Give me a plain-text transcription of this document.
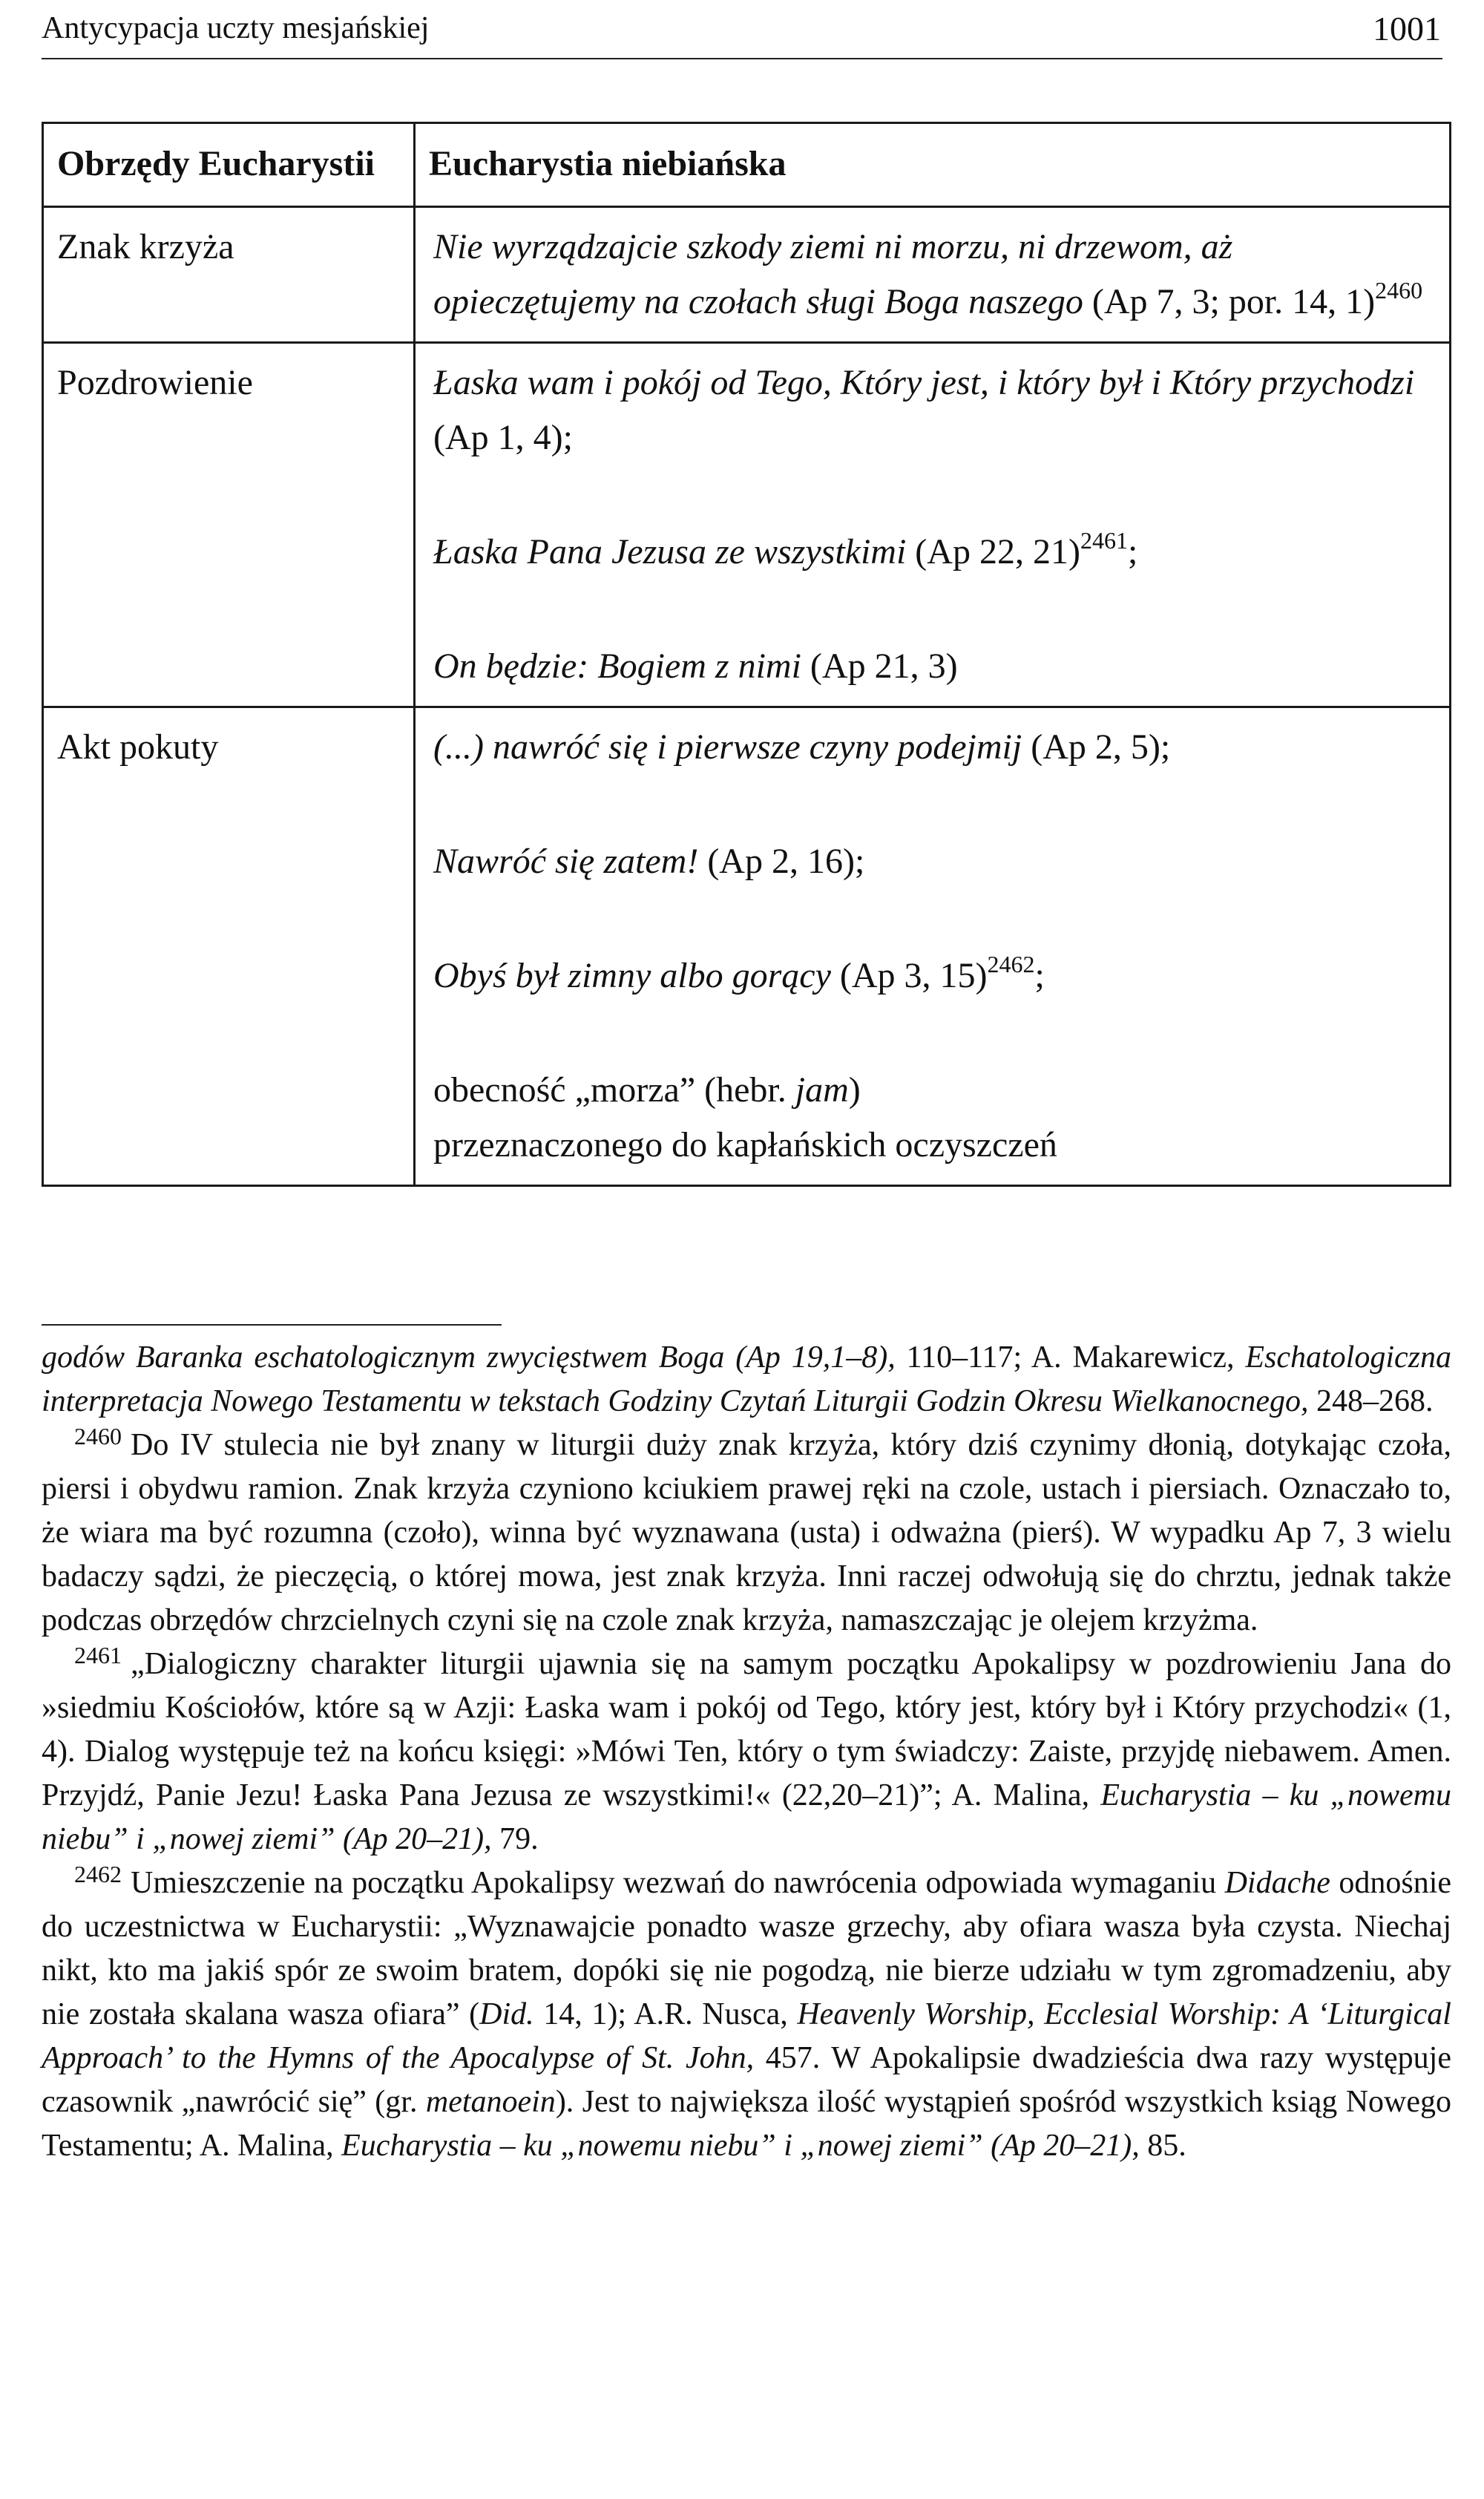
Antycypacja uczty mesjańskiej	1001
Obrzędy Eucharystii	Eucharystia niebiańska
Znak krzyża	Nie wyrządzajcie szkody ziemi ni morzu, ni drzewom, aż opieczętujemy na czołach sługi Boga naszego (Ap 7, 3; por. 14, 1)$^{2460}$

Pozdrowienie	Łaska wam i pokój od Tego, Który jest, i który był i Który przychodzi (Ap 1, 4);
Łaska Pana Jezusa ze wszystkimi (Ap 22, 21)$^{2461}$;
On będzie: Bogiem z nimi (Ap 21, 3)

Akt pokuty	(...) nawróć się i pierwsze czyny podejmij (Ap 2, 5);
Nawróć się zatem! (Ap 2, 16);
Obyś był zimny albo gorący (Ap 3, 15)$^{2462}$;
obecność „morza” (hebr. jam)
przeznaczonego do kapłańskich oczyszczeń

godów Baranka eschatologicznym zwycięstwem Boga (Ap 19,1–8), 110–117; A. Makarewicz, Eschatologiczna interpretacja Nowego Testamentu w tekstach Godziny Czytań Liturgii Godzin Okresu Wielkanocnego, 248–268.

$^{2460}$ Do IV stulecia nie był znany w liturgii duży znak krzyża, który dziś czynimy dłonią, dotykając czoła, piersi i obydwu ramion. Znak krzyża czyniono kciukiem prawej ręki na czole, ustach i piersiach. Oznaczało to, że wiara ma być rozumna (czoło), winna być wyznawana (usta) i odważna (pierś). W wypadku Ap 7, 3 wielu badaczy sądzi, że pieczęcią, o której mowa, jest znak krzyża. Inni raczej odwołują się do chrztu, jednak także podczas obrzędów chrzcielnych czyni się na czole znak krzyża, namaszczając je olejem krzyżma.

$^{2461}$ „Dialogiczny charakter liturgii ujawnia się na samym początku Apokalipsy w pozdrowieniu Jana do »siedmiu Kościołów, które są w Azji: Łaska wam i pokój od Tego, który jest, który był i Który przychodzi« (1, 4). Dialog występuje też na końcu księgi: »Mówi Ten, który o tym świadczy: Zaiste, przyjdę niebawem. Amen. Przyjdź, Panie Jezu! Łaska Pana Jezusa ze wszystkimi!« (22,20–21)”; A. Malina, Eucharystia – ku „nowemu niebu” i „nowej ziemi” (Ap 20–21), 79.

$^{2462}$ Umieszczenie na początku Apokalipsy wezwań do nawrócenia odpowiada wymaganiu Didache odnośnie do uczestnictwa w Eucharystii: „Wyznawajcie ponadto wasze grzechy, aby ofiara wasza była czysta. Niechaj nikt, kto ma jakiś spór ze swoim bratem, dopóki się nie pogodzą, nie bierze udziału w tym zgromadzeniu, aby nie została skalana wasza ofiara” (Did. 14, 1); A.R. Nusca, Heavenly Worship, Ecclesial Worship: A ‘Liturgical Approach’ to the Hymns of the Apocalypse of St. John, 457. W Apokalipsie dwadzieścia dwa razy występuje czasownik „nawrócić się” (gr. metanoein). Jest to największa ilość wystąpień spośród wszystkich ksiąg Nowego Testamentu; A. Malina, Eucharystia – ku „nowemu niebu” i „nowej ziemi” (Ap 20–21), 85.
